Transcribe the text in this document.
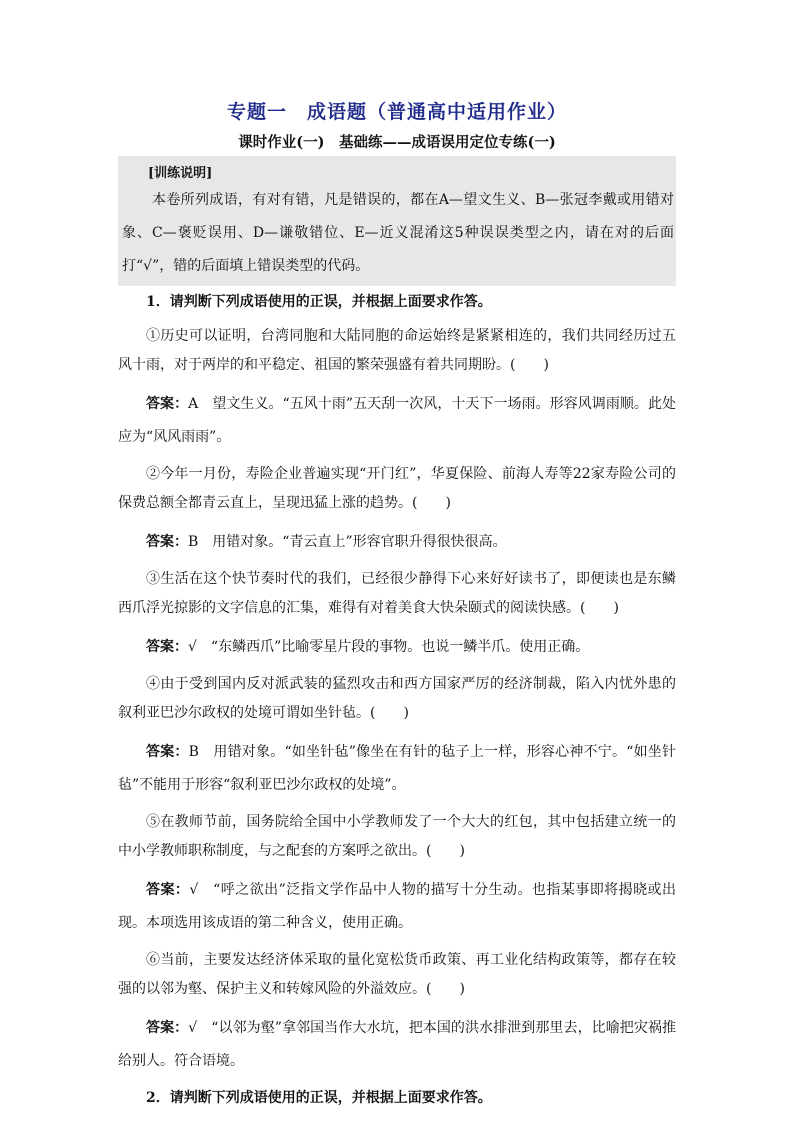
专题一　成语题（普通高中适用作业）
课时作业(一)　基础练——成语误用定位专练(一)
[训练说明]
本卷所列成语，有对有错，凡是错误的，都在A—望文生义、B—张冠李戴或用错对象、C—褒贬误用、D—谦敬错位、E—近义混淆这5种误误类型之内，请在对的后面打“√”，错的后面填上错误类型的代码。

1．请判断下列成语使用的正误，并根据上面要求作答。

①历史可以证明，台湾同胞和大陆同胞的命运始终是紧紧相连的，我们共同经历过五风十雨，对于两岸的和平稳定、祖国的繁荣强盛有着共同期盼。(　　)

答案：A　望文生义。“五风十雨”五天刮一次风，十天下一场雨。形容风调雨顺。此处应为“风风雨雨”。

②今年一月份，寿险企业普遍实现“开门红”，华夏保险、前海人寿等22家寿险公司的保费总额全都青云直上，呈现迅猛上涨的趋势。(　　)

答案：B　用错对象。“青云直上”形容官职升得很快很高。

③生活在这个快节奏时代的我们，已经很少静得下心来好好读书了，即便读也是东鳞西爪浮光掠影的文字信息的汇集，难得有对着美食大快朵颐式的阅读快感。(　　)

答案：√　“东鳞西爪”比喻零星片段的事物。也说一鳞半爪。使用正确。

④由于受到国内反对派武装的猛烈攻击和西方国家严厉的经济制裁，陷入内忧外患的叙利亚巴沙尔政权的处境可谓如坐针毡。(　　)

答案：B　用错对象。“如坐针毡”像坐在有针的毡子上一样，形容心神不宁。“如坐针毡”不能用于形容“叙利亚巴沙尔政权的处境”。

⑤在教师节前，国务院给全国中小学教师发了一个大大的红包，其中包括建立统一的中小学教师职称制度，与之配套的方案呼之欲出。(　　)

答案：√　“呼之欲出”泛指文学作品中人物的描写十分生动。也指某事即将揭晓或出现。本项选用该成语的第二种含义，使用正确。

⑥当前，主要发达经济体采取的量化宽松货币政策、再工业化结构政策等，都存在较强的以邻为壑、保护主义和转嫁风险的外溢效应。(　　)

答案：√　“以邻为壑”拿邻国当作大水坑，把本国的洪水排泄到那里去，比喻把灾祸推给别人。符合语境。

2．请判断下列成语使用的正误，并根据上面要求作答。
